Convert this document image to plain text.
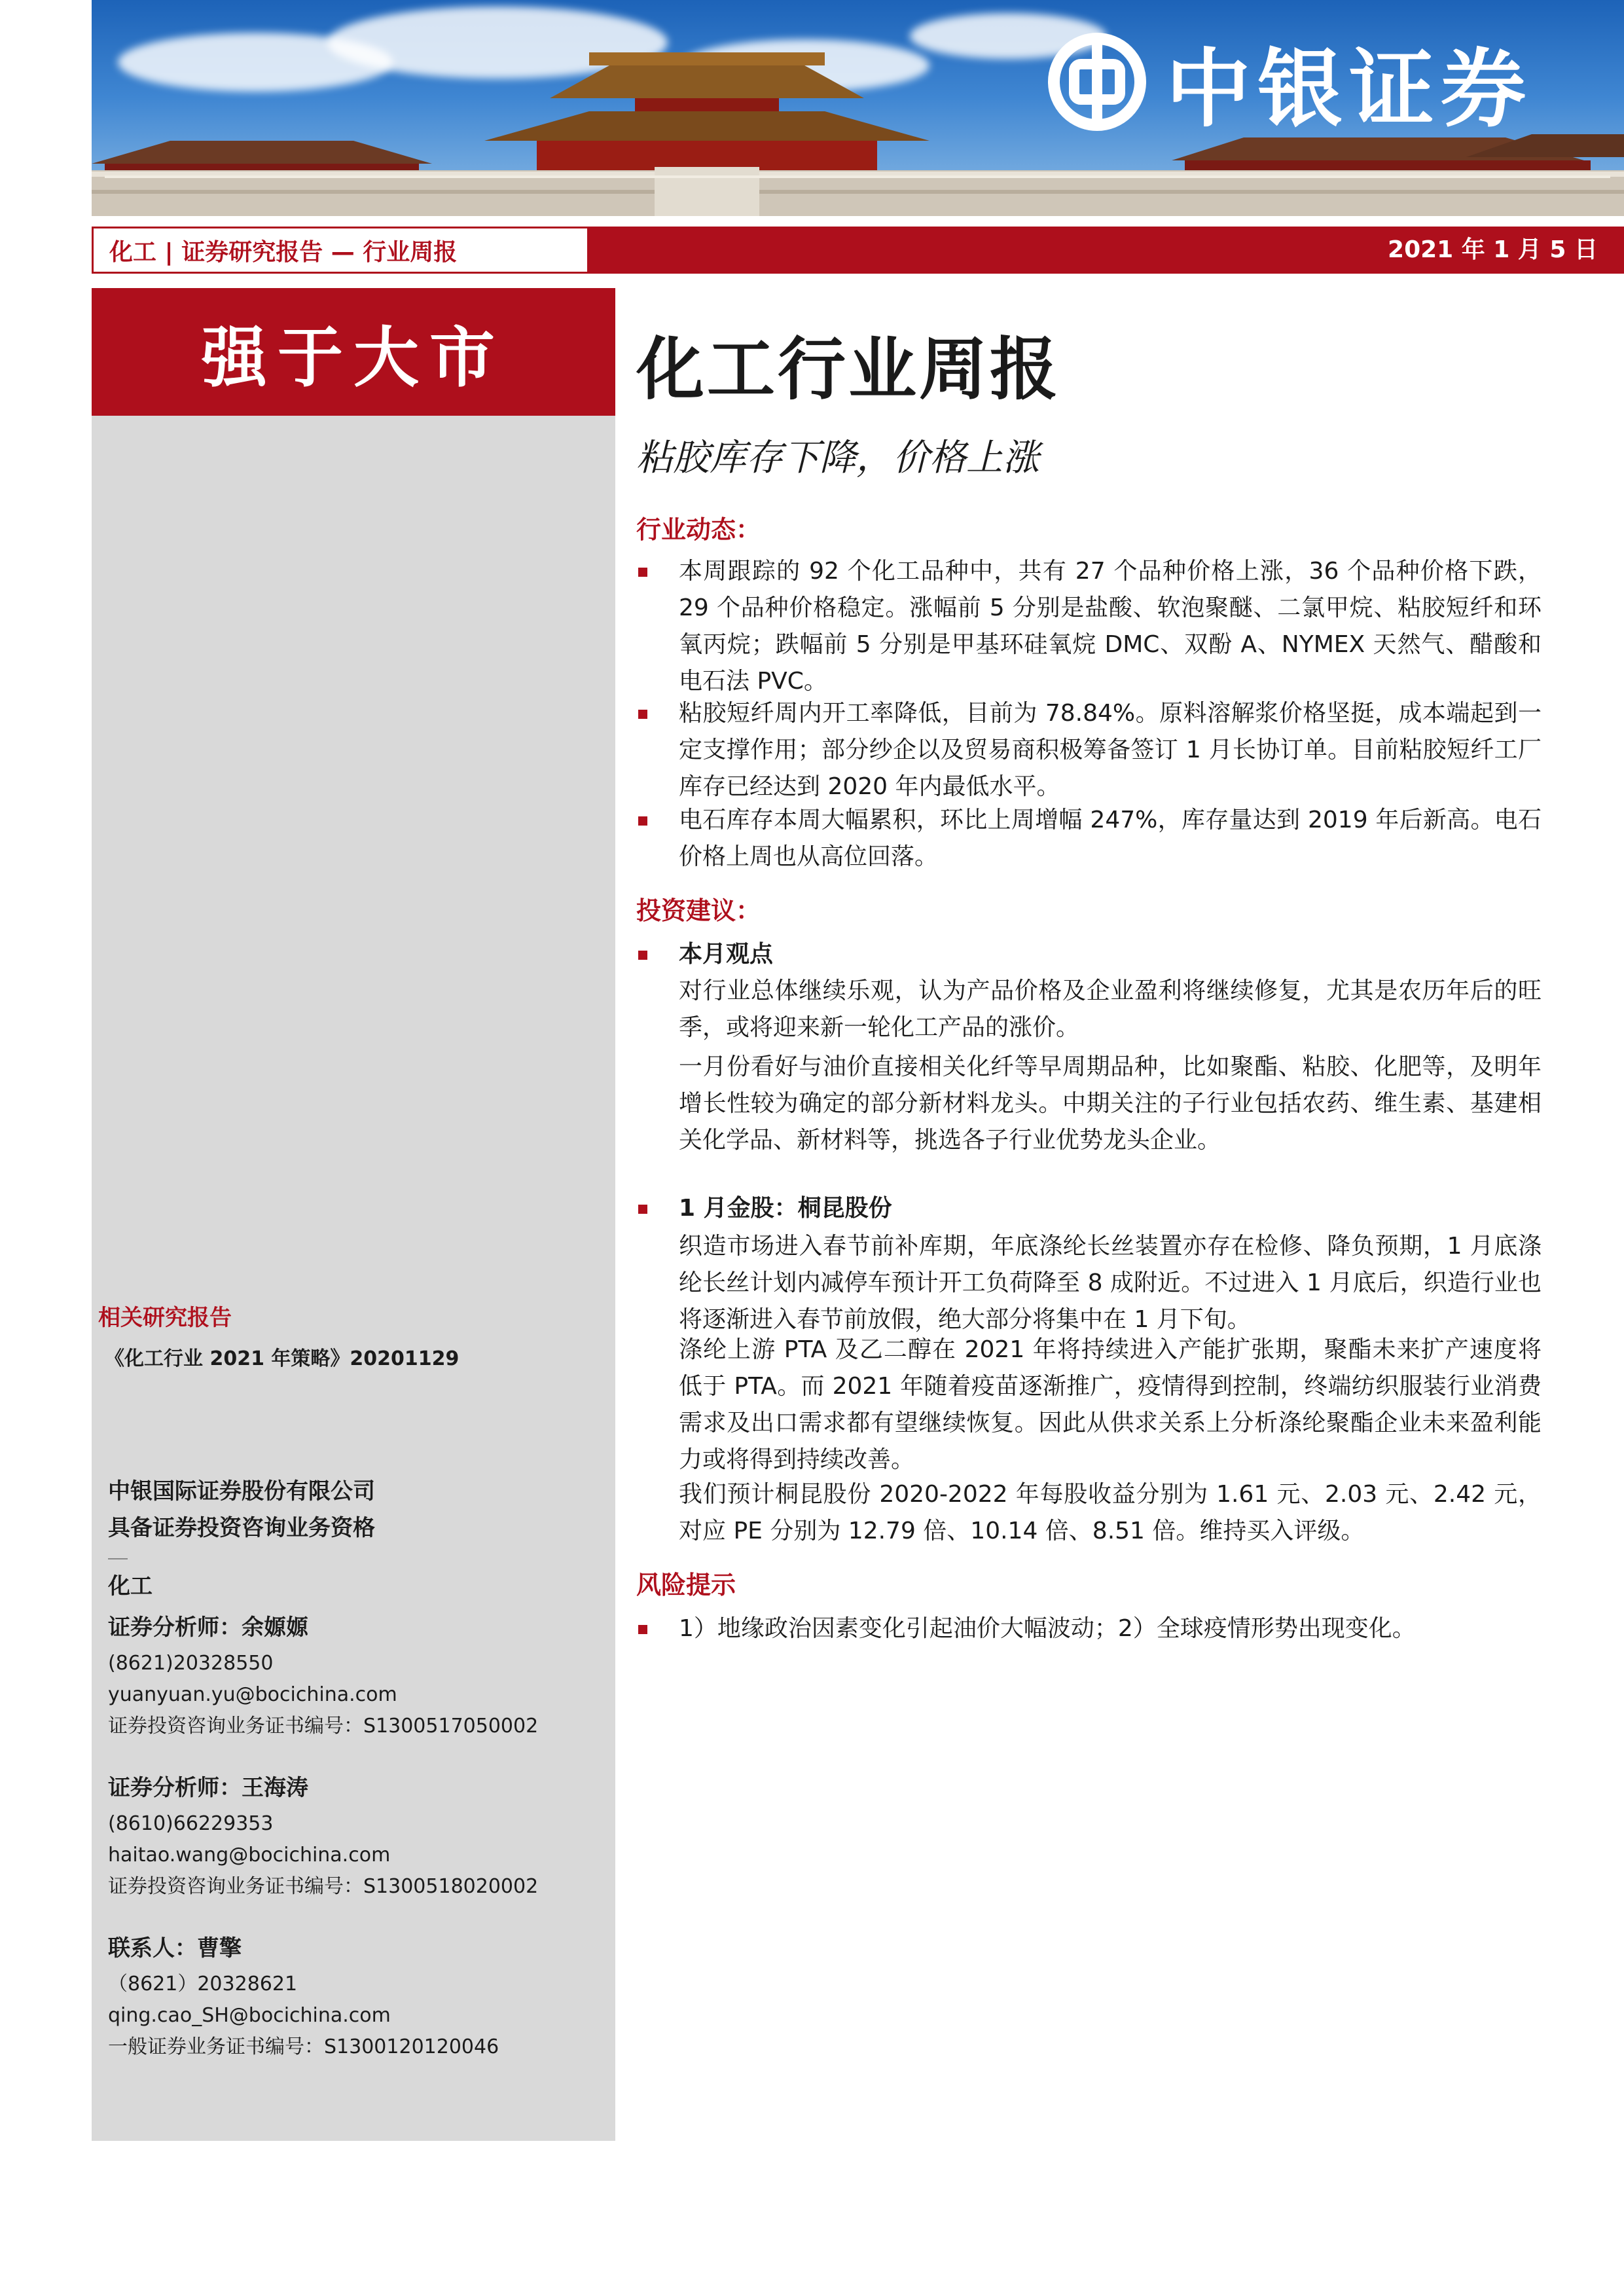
中银证券
化工 | 证券研究报告 — 行业周报	2021 年 1 月 5 日
强于大市
相关研究报告
《化工行业 2021 年策略》20201129
中银国际证券股份有限公司
具备证券投资咨询业务资格
化工
证券分析师：余嫄嫄
(8621)20328550
yuanyuan.yu@bocichina.com
证券投资咨询业务证书编号：S1300517050002
证券分析师：王海涛
(8610)66229353
haitao.wang@bocichina.com
证券投资咨询业务证书编号：S1300518020002
联系人：曹擎
（8621）20328621
qing.cao_SH@bocichina.com
一般证券业务证书编号：S1300120120046
化工行业周报
粘胶库存下降，价格上涨
行业动态：
本周跟踪的 92 个化工品种中，共有 27 个品种价格上涨，36 个品种价格下跌，29 个品种价格稳定。涨幅前 5 分别是盐酸、软泡聚醚、二氯甲烷、粘胶短纤和环氧丙烷；跌幅前 5 分别是甲基环硅氧烷 DMC、双酚 A、NYMEX 天然气、醋酸和电石法 PVC。
粘胶短纤周内开工率降低，目前为 78.84%。原料溶解浆价格坚挺，成本端起到一定支撑作用；部分纱企以及贸易商积极筹备签订 1 月长协订单。目前粘胶短纤工厂库存已经达到 2020 年内最低水平。
电石库存本周大幅累积，环比上周增幅 247%，库存量达到 2019 年后新高。电石价格上周也从高位回落。
投资建议：
本月观点
对行业总体继续乐观，认为产品价格及企业盈利将继续修复，尤其是农历年后的旺季，或将迎来新一轮化工产品的涨价。
一月份看好与油价直接相关化纤等早周期品种，比如聚酯、粘胶、化肥等，及明年增长性较为确定的部分新材料龙头。中期关注的子行业包括农药、维生素、基建相关化学品、新材料等，挑选各子行业优势龙头企业。
1 月金股：桐昆股份
织造市场进入春节前补库期，年底涤纶长丝装置亦存在检修、降负预期，1 月底涤纶长丝计划内减停车预计开工负荷降至 8 成附近。不过进入 1 月底后，织造行业也将逐渐进入春节前放假，绝大部分将集中在 1 月下旬。
涤纶上游 PTA 及乙二醇在 2021 年将持续进入产能扩张期，聚酯未来扩产速度将低于 PTA。而 2021 年随着疫苗逐渐推广，疫情得到控制，终端纺织服装行业消费需求及出口需求都有望继续恢复。因此从供求关系上分析涤纶聚酯企业未来盈利能力或将得到持续改善。
我们预计桐昆股份 2020-2022 年每股收益分别为 1.61 元、2.03 元、2.42 元，对应 PE 分别为 12.79 倍、10.14 倍、8.51 倍。维持买入评级。
风险提示
1）地缘政治因素变化引起油价大幅波动；2）全球疫情形势出现变化。
